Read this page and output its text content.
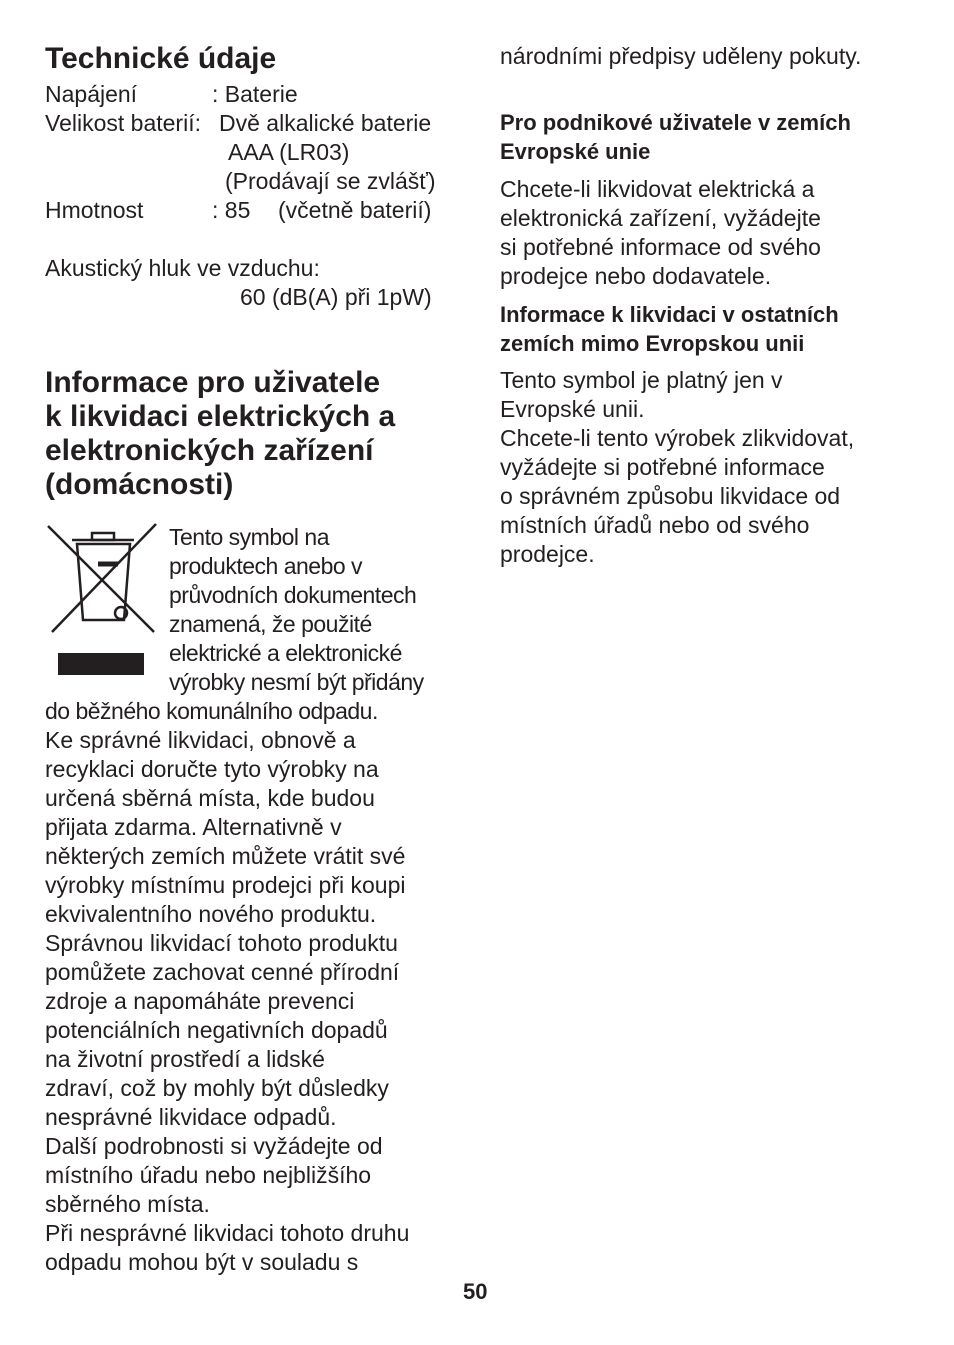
Technické údaje
Napájení	: Baterie
Velikost baterií: Dvě alkalické baterie
AAA (LR03)
(Prodávají se zvlášť)
Hmotnost	: 85 (včetně baterií)
Akustický hluk ve vzduchu:
60 (dB(A) při 1pW)
Informace pro uživatele
k likvidaci elektrických a
elektronických zařízení
(domácnosti)
Tento symbol na
produktech anebo v
průvodních dokumentech
znamená, že použité
elektrické a elektronické
výrobky nesmí být přidány
do běžného komunálního odpadu.
Ke správné likvidaci, obnově a
recyklaci doručte tyto výrobky na
určená sběrná místa, kde budou
přijata zdarma. Alternativně v
některých zemích můžete vrátit své
výrobky místnímu prodejci při koupi
ekvivalentního nového produktu.
Správnou likvidací tohoto produktu
pomůžete zachovat cenné přírodní
zdroje a napomáháte prevenci
potenciálních negativních dopadů
na životní prostředí a lidské
zdraví, což by mohly být důsledky
nesprávné likvidace odpadů.
Další podrobnosti si vyžádejte od
místního úřadu nebo nejbližšího
sběrného místa.
Při nesprávné likvidaci tohoto druhu
odpadu mohou být v souladu s
národními předpisy uděleny pokuty.
Pro podnikové uživatele v zemích
Evropské unie
Chcete-li likvidovat elektrická a
elektronická zařízení, vyžádejte
si potřebné informace od svého
prodejce nebo dodavatele.
Informace k likvidaci v ostatních
zemích mimo Evropskou unii
Tento symbol je platný jen v
Evropské unii.
Chcete-li tento výrobek zlikvidovat,
vyžádejte si potřebné informace
o správném způsobu likvidace od
místních úřadů nebo od svého
prodejce.
50
